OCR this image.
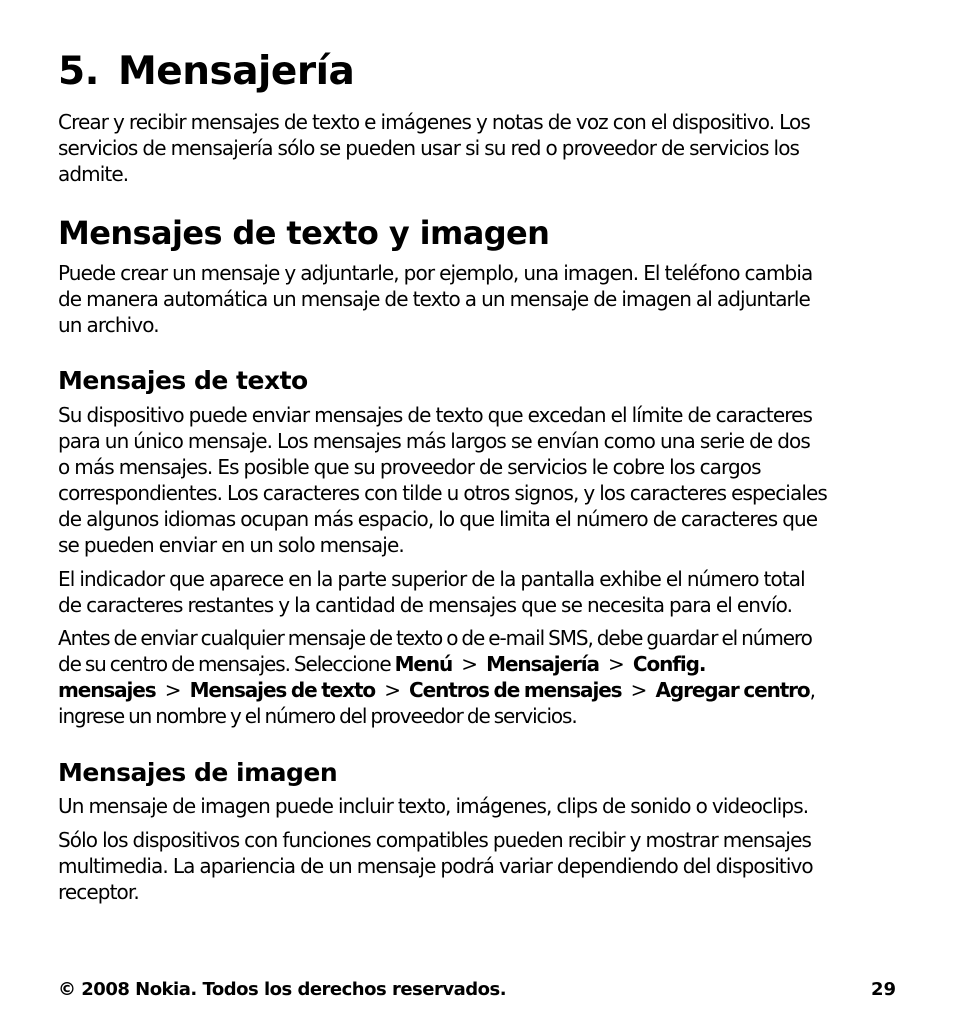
5. Mensajería

Crear y recibir mensajes de texto e imágenes y notas de voz con el dispositivo. Los
servicios de mensajería sólo se pueden usar si su red o proveedor de servicios los
admite.

Mensajes de texto y imagen

Puede crear un mensaje y adjuntarle, por ejemplo, una imagen. El teléfono cambia
de manera automática un mensaje de texto a un mensaje de imagen al adjuntarle
un archivo.

Mensajes de texto

Su dispositivo puede enviar mensajes de texto que excedan el límite de caracteres
para un único mensaje. Los mensajes más largos se envían como una serie de dos
o más mensajes. Es posible que su proveedor de servicios le cobre los cargos
correspondientes. Los caracteres con tilde u otros signos, y los caracteres especiales
de algunos idiomas ocupan más espacio, lo que limita el número de caracteres que
se pueden enviar en un solo mensaje.

El indicador que aparece en la parte superior de la pantalla exhibe el número total
de caracteres restantes y la cantidad de mensajes que se necesita para el envío.

Antes de enviar cualquier mensaje de texto o de e-mail SMS, debe guardar el número
de su centro de mensajes. Seleccione Menú > Mensajería > Config.
mensajes > Mensajes de texto > Centros de mensajes > Agregar centro,
ingrese un nombre y el número del proveedor de servicios.

Mensajes de imagen

Un mensaje de imagen puede incluir texto, imágenes, clips de sonido o videoclips.

Sólo los dispositivos con funciones compatibles pueden recibir y mostrar mensajes
multimedia. La apariencia de un mensaje podrá variar dependiendo del dispositivo
receptor.

© 2008 Nokia. Todos los derechos reservados.	29
